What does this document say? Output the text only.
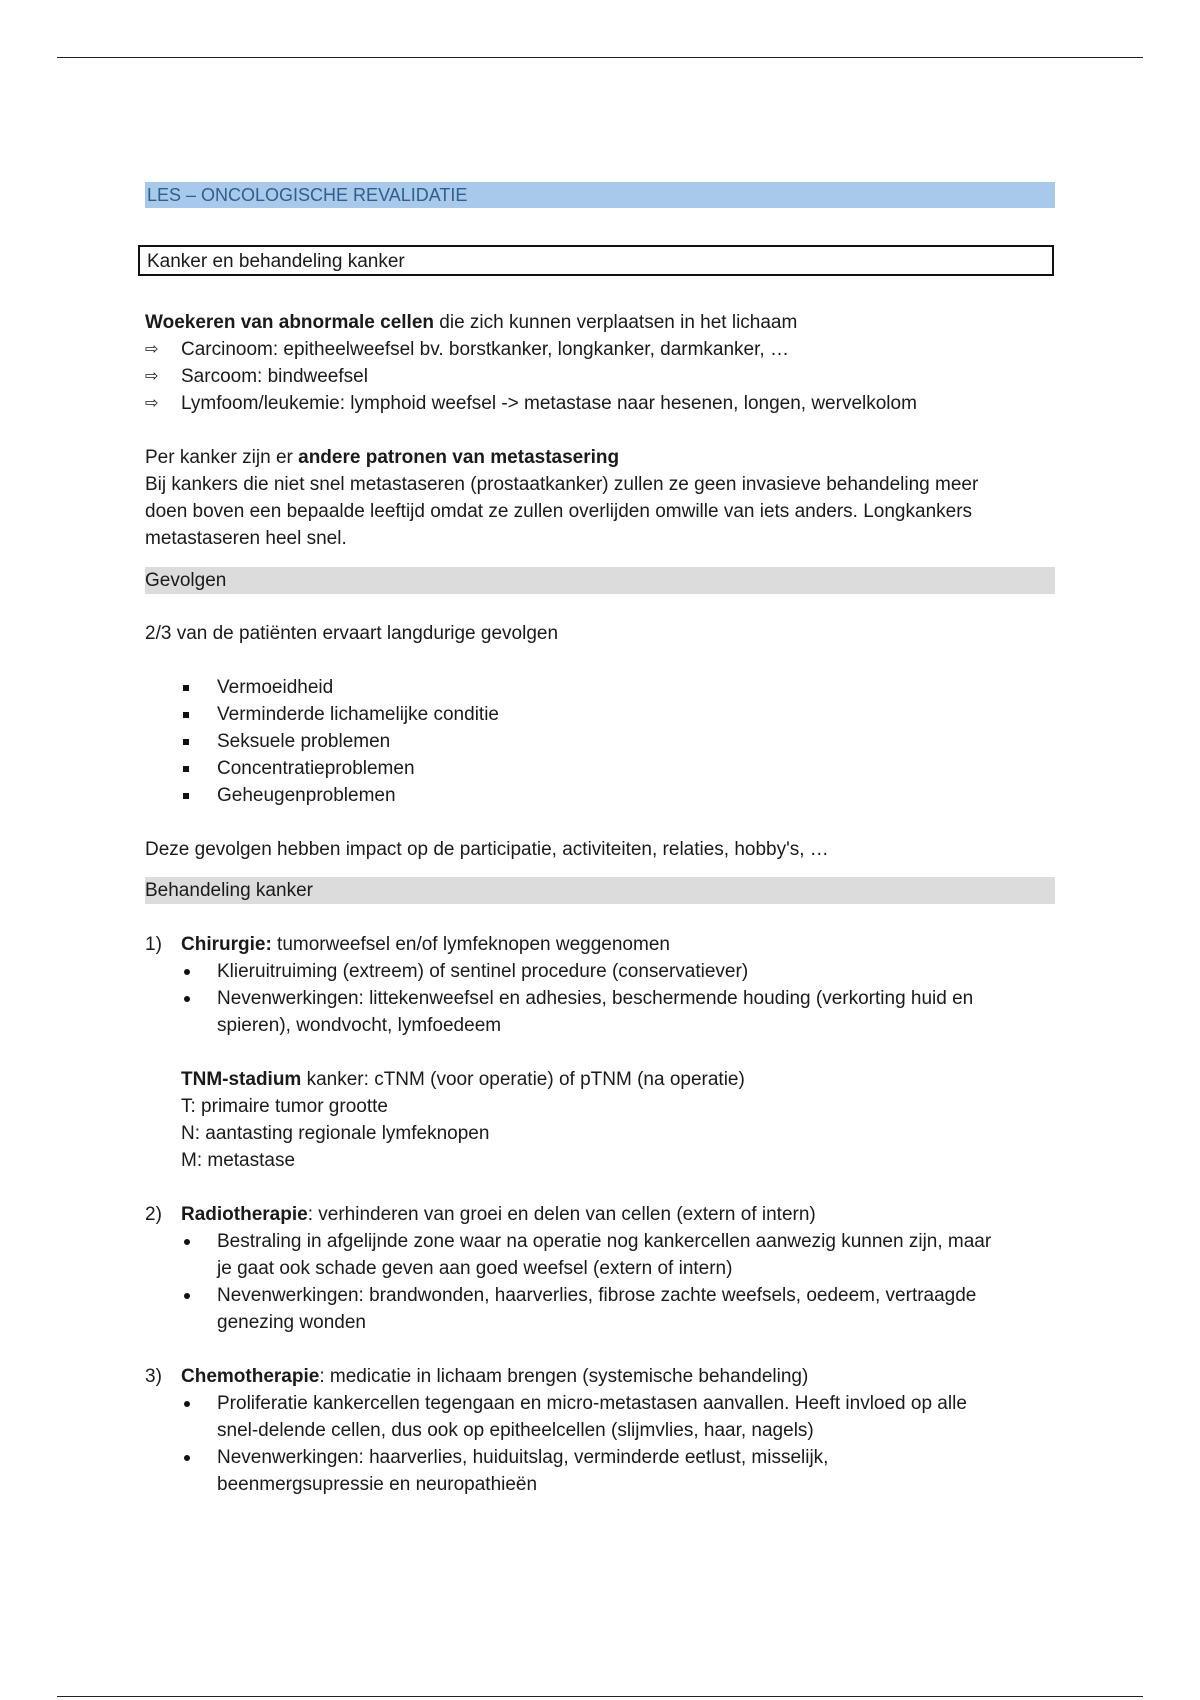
LES – ONCOLOGISCHE REVALIDATIE
Kanker en behandeling kanker

Woekeren van abnormale cellen die zich kunnen verplaatsen in het lichaam

⇨	Carcinoom: epitheelweefsel bv. borstkanker, longkanker, darmkanker, …
⇨	Sarcoom: bindweefsel
⇨	Lymfoom/leukemie: lymphoid weefsel -> metastase naar hesenen, longen, wervelkolom

Per kanker zijn er andere patronen van metastasering

Bij kankers die niet snel metastaseren (prostaatkanker) zullen ze geen invasieve behandeling meer

doen boven een bepaalde leeftijd omdat ze zullen overlijden omwille van iets anders. Longkankers

metastaseren heel snel.

Gevolgen

2/3 van de patiënten ervaart langdurige gevolgen

Vermoeidheid
Verminderde lichamelijke conditie
Seksuele problemen
Concentratieproblemen
Geheugenproblemen

Deze gevolgen hebben impact op de participatie, activiteiten, relaties, hobby's, …

Behandeling kanker
1)	Chirurgie: tumorweefsel en/of lymfeknopen weggenomen
Klieruitruiming (extreem) of sentinel procedure (conservatiever)
Nevenwerkingen: littekenweefsel en adhesies, beschermende houding (verkorting huid en
spieren), wondvocht, lymfoedeem

TNM-stadium kanker: cTNM (voor operatie) of pTNM (na operatie)

T: primaire tumor grootte

N: aantasting regionale lymfeknopen

M: metastase

2)	Radiotherapie: verhinderen van groei en delen van cellen (extern of intern)
Bestraling in afgelijnde zone waar na operatie nog kankercellen aanwezig kunnen zijn, maar
je gaat ook schade geven aan goed weefsel (extern of intern)
Nevenwerkingen: brandwonden, haarverlies, fibrose zachte weefsels, oedeem, vertraagde
genezing wonden
3)	Chemotherapie: medicatie in lichaam brengen (systemische behandeling)
Proliferatie kankercellen tegengaan en micro-metastasen aanvallen. Heeft invloed op alle
snel-delende cellen, dus ook op epitheelcellen (slijmvlies, haar, nagels)
Nevenwerkingen: haarverlies, huiduitslag, verminderde eetlust, misselijk,
beenmergsupressie en neuropathieën
